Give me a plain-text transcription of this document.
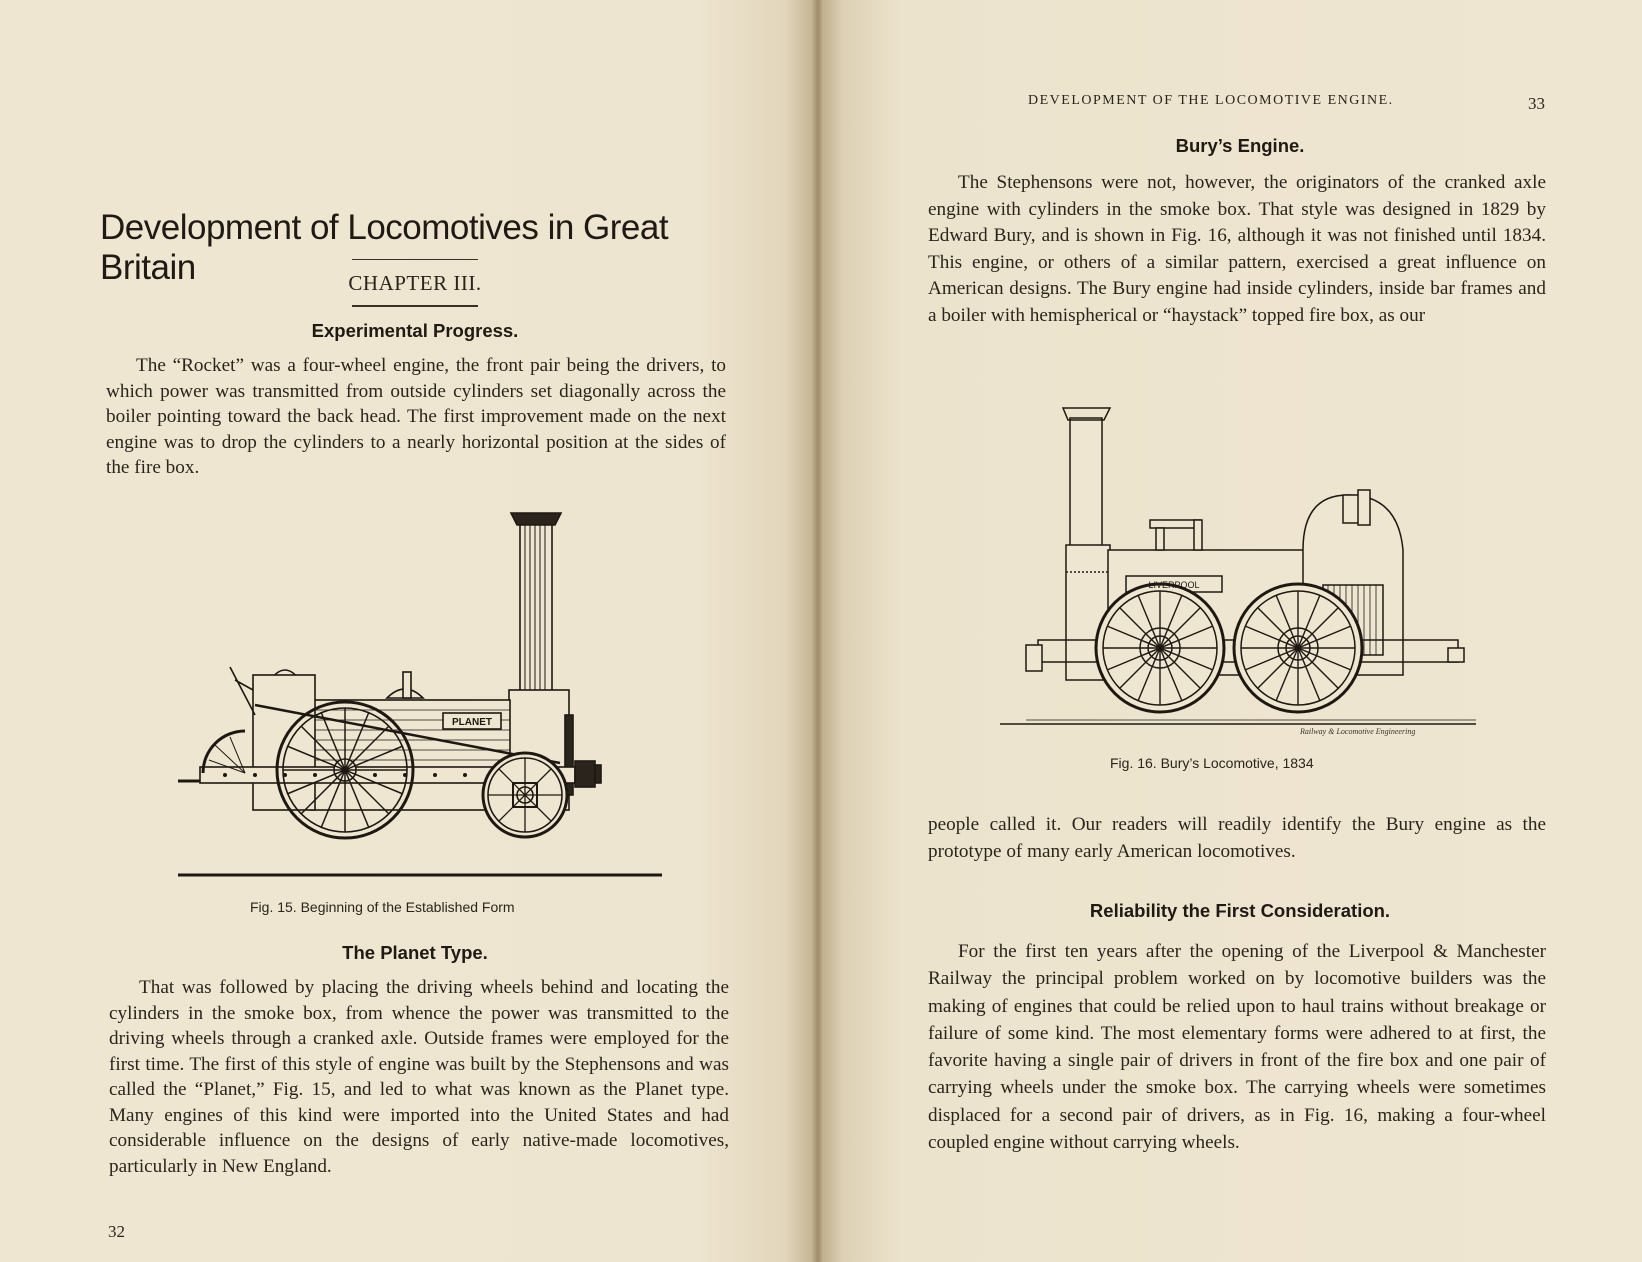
Development of Locomotives in Great Britain	CHAPTER III.
Experimental Progress.

The “Rocket” was a four-wheel engine, the front pair being the drivers, to which power was transmitted from outside cylinders set diagonally across the boiler pointing toward the back head. The first improvement made on the next engine was to drop the cylinders to a nearly horizontal position at the sides of the fire box.

PLANET
Fig. 15. Beginning of the Established Form
The Planet Type.

That was followed by placing the driving wheels behind and locating the cylinders in the smoke box, from whence the power was transmitted to the driving wheels through a cranked axle. Outside frames were employed for the first time. The first of this style of engine was built by the Stephensons and was called the “Planet,” Fig. 15, and led to what was known as the Planet type. Many engines of this kind were imported into the United States and had considerable influence on the designs of early native-made locomotives, particularly in New England.

32
DEVELOPMENT OF THE LOCOMOTIVE ENGINE.	33
Bury’s Engine.

The Stephensons were not, however, the originators of the cranked axle engine with cylinders in the smoke box. That style was designed in 1829 by Edward Bury, and is shown in Fig. 16, although it was not finished until 1834. This engine, or others of a similar pattern, exercised a great influence on American designs. The Bury engine had inside cylinders, inside bar frames and a boiler with hemispherical or “haystack” topped fire box, as our

LIVERPOOL
Railway & Locomotive Engineering
Fig. 16. Bury’s Locomotive, 1834

people called it. Our readers will readily identify the Bury engine as the prototype of many early American locomotives.

Reliability the First Consideration.

For the first ten years after the opening of the Liverpool & Manchester Railway the principal problem worked on by locomotive builders was the making of engines that could be relied upon to haul trains without breakage or failure of some kind. The most elementary forms were adhered to at first, the favorite having a single pair of drivers in front of the fire box and one pair of carrying wheels under the smoke box. The carrying wheels were sometimes displaced for a second pair of drivers, as in Fig. 16, making a four-wheel coupled engine without carrying wheels.
